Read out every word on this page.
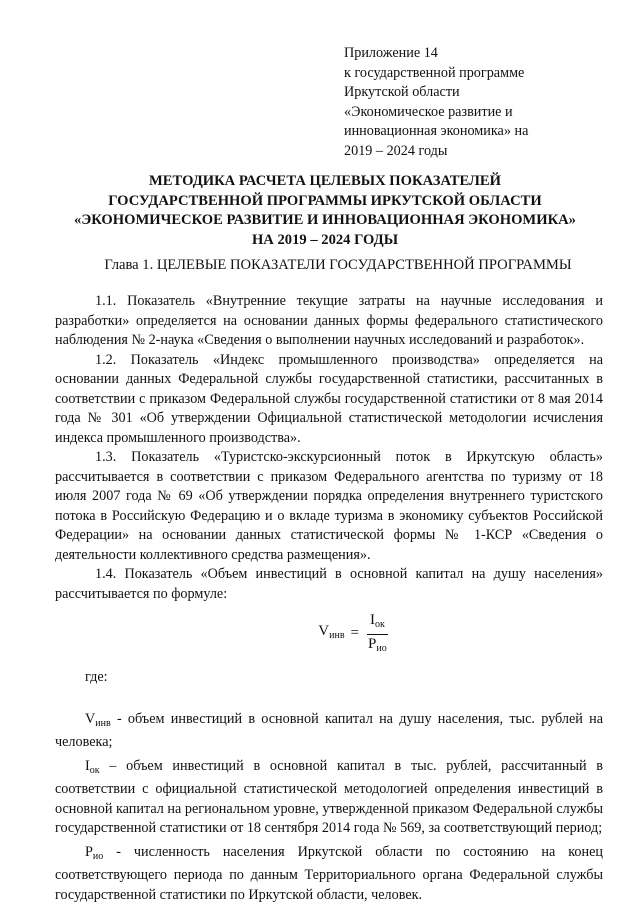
Приложение 14
к государственной программе
Иркутской области
«Экономическое развитие и
инновационная экономика» на
2019 – 2024 годы
МЕТОДИКА РАСЧЕТА ЦЕЛЕВЫХ ПОКАЗАТЕЛЕЙ
ГОСУДАРСТВЕННОЙ ПРОГРАММЫ ИРКУТСКОЙ ОБЛАСТИ
«ЭКОНОМИЧЕСКОЕ РАЗВИТИЕ И ИННОВАЦИОННАЯ ЭКОНОМИКА»
НА 2019 – 2024 ГОДЫ
Глава 1. ЦЕЛЕВЫЕ ПОКАЗАТЕЛИ ГОСУДАРСТВЕННОЙ ПРОГРАММЫ

1.1. Показатель «Внутренние текущие затраты на научные исследования и разработки» определяется на основании данных формы федерального статистического наблюдения № 2-наука «Сведения о выполнении научных исследований и разработок».

1.2. Показатель «Индекс промышленного производства» определяется на основании данных Федеральной службы государственной статистики, рассчитанных в соответствии с приказом Федеральной службы государственной статистики от 8 мая 2014 года № 301 «Об утверждении Официальной статистической методологии исчисления индекса промышленного производства».

1.3. Показатель «Туристско-экскурсионный поток в Иркутскую область» рассчитывается в соответствии с приказом Федерального агентства по туризму от 18 июля 2007 года № 69 «Об утверждении порядка определения внутреннего туристского потока в Российскую Федерацию и о вкладе туризма в экономику субъектов Российской Федерации» на основании данных статистической формы № 1-КСР «Сведения о деятельности коллективного средства размещения».

1.4. Показатель «Объем инвестиций в основной капитал на душу населения» рассчитывается по формуле:

$V_{инв} = \frac{I_{ок}}{P_{ио}}$
где:

$V_{инв}$ - объем инвестиций в основной капитал на душу населения, тыс. рублей на человека;

$I_{ок}$ – объем инвестиций в основной капитал в тыс. рублей, рассчитанный в соответствии с официальной статистической методологией определения инвестиций в основной капитал на региональном уровне, утвержденной приказом Федеральной службы государственной статистики от 18 сентября 2014 года № 569, за соответствующий период;

$P_{ио}$ - численность населения Иркутской области по состоянию на конец соответствующего периода по данным Территориального органа Федеральной службы государственной статистики по Иркутской области, человек.
